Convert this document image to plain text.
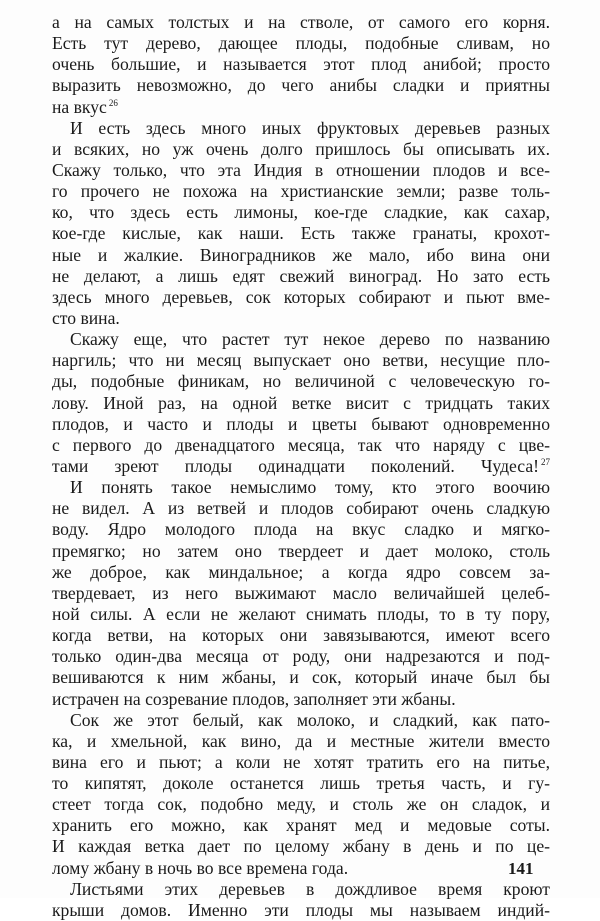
а на самых толстых и на стволе, от самого его корня.
Есть тут дерево, дающее плоды, подобные сливам, но
очень большие, и называется этот плод анибой; просто
выразить невозможно, до чего анибы сладки и приятны
на вкус $^{26}$
И есть здесь много иных фруктовых деревьев разных
и всяких, но уж очень долго пришлось бы описывать их.
Скажу только, что эта Индия в отношении плодов и все-
го прочего не похожа на христианские земли; разве толь-
ко, что здесь есть лимоны, кое-где сладкие, как сахар,
кое-где кислые, как наши. Есть также гранаты, крохот-
ные и жалкие. Виноградников же мало, ибо вина они
не делают, а лишь едят свежий виноград. Но зато есть
здесь много деревьев, сок которых собирают и пьют вме-
сто вина.
Скажу еще, что растет тут некое дерево по названию
наргиль; что ни месяц выпускает оно ветви, несущие пло-
ды, подобные финикам, но величиной с человеческую го-
лову. Иной раз, на одной ветке висит с тридцать таких
плодов, и часто и плоды и цветы бывают одновременно
с первого до двенадцатого месяца, так что наряду с цве-
тами зреют плоды одинадцати поколений. Чудеса! $^{27}$
И понять такое немыслимо тому, кто этого воочию
не видел. А из ветвей и плодов собирают очень сладкую
воду. Ядро молодого плода на вкус сладко и мягко-
премягко; но затем оно твердеет и дает молоко, столь
же доброе, как миндальное; а когда ядро совсем за-
твердевает, из него выжимают масло величайшей целеб-
ной силы. А если не желают снимать плоды, то в ту пору,
когда ветви, на которых они завязываются, имеют всего
только один-два месяца от роду, они надрезаются и под-
вешиваются к ним жбаны, и сок, который иначе был бы
истрачен на созревание плодов, заполняет эти жбаны.
Сок же этот белый, как молоко, и сладкий, как пато-
ка, и хмельной, как вино, да и местные жители вместо
вина его и пьют; а коли не хотят тратить его на питье,
то кипятят, доколе останется лишь третья часть, и гу-
стеет тогда сок, подобно меду, и столь же он сладок, и
хранить его можно, как хранят мед и медовые соты.
И каждая ветка дает по целому жбану в день и по це-
лому жбану в ночь во все времена года.
Листьями этих деревьев в дождливое время кроют
крыши домов. Именно эти плоды мы называем индий-
141
